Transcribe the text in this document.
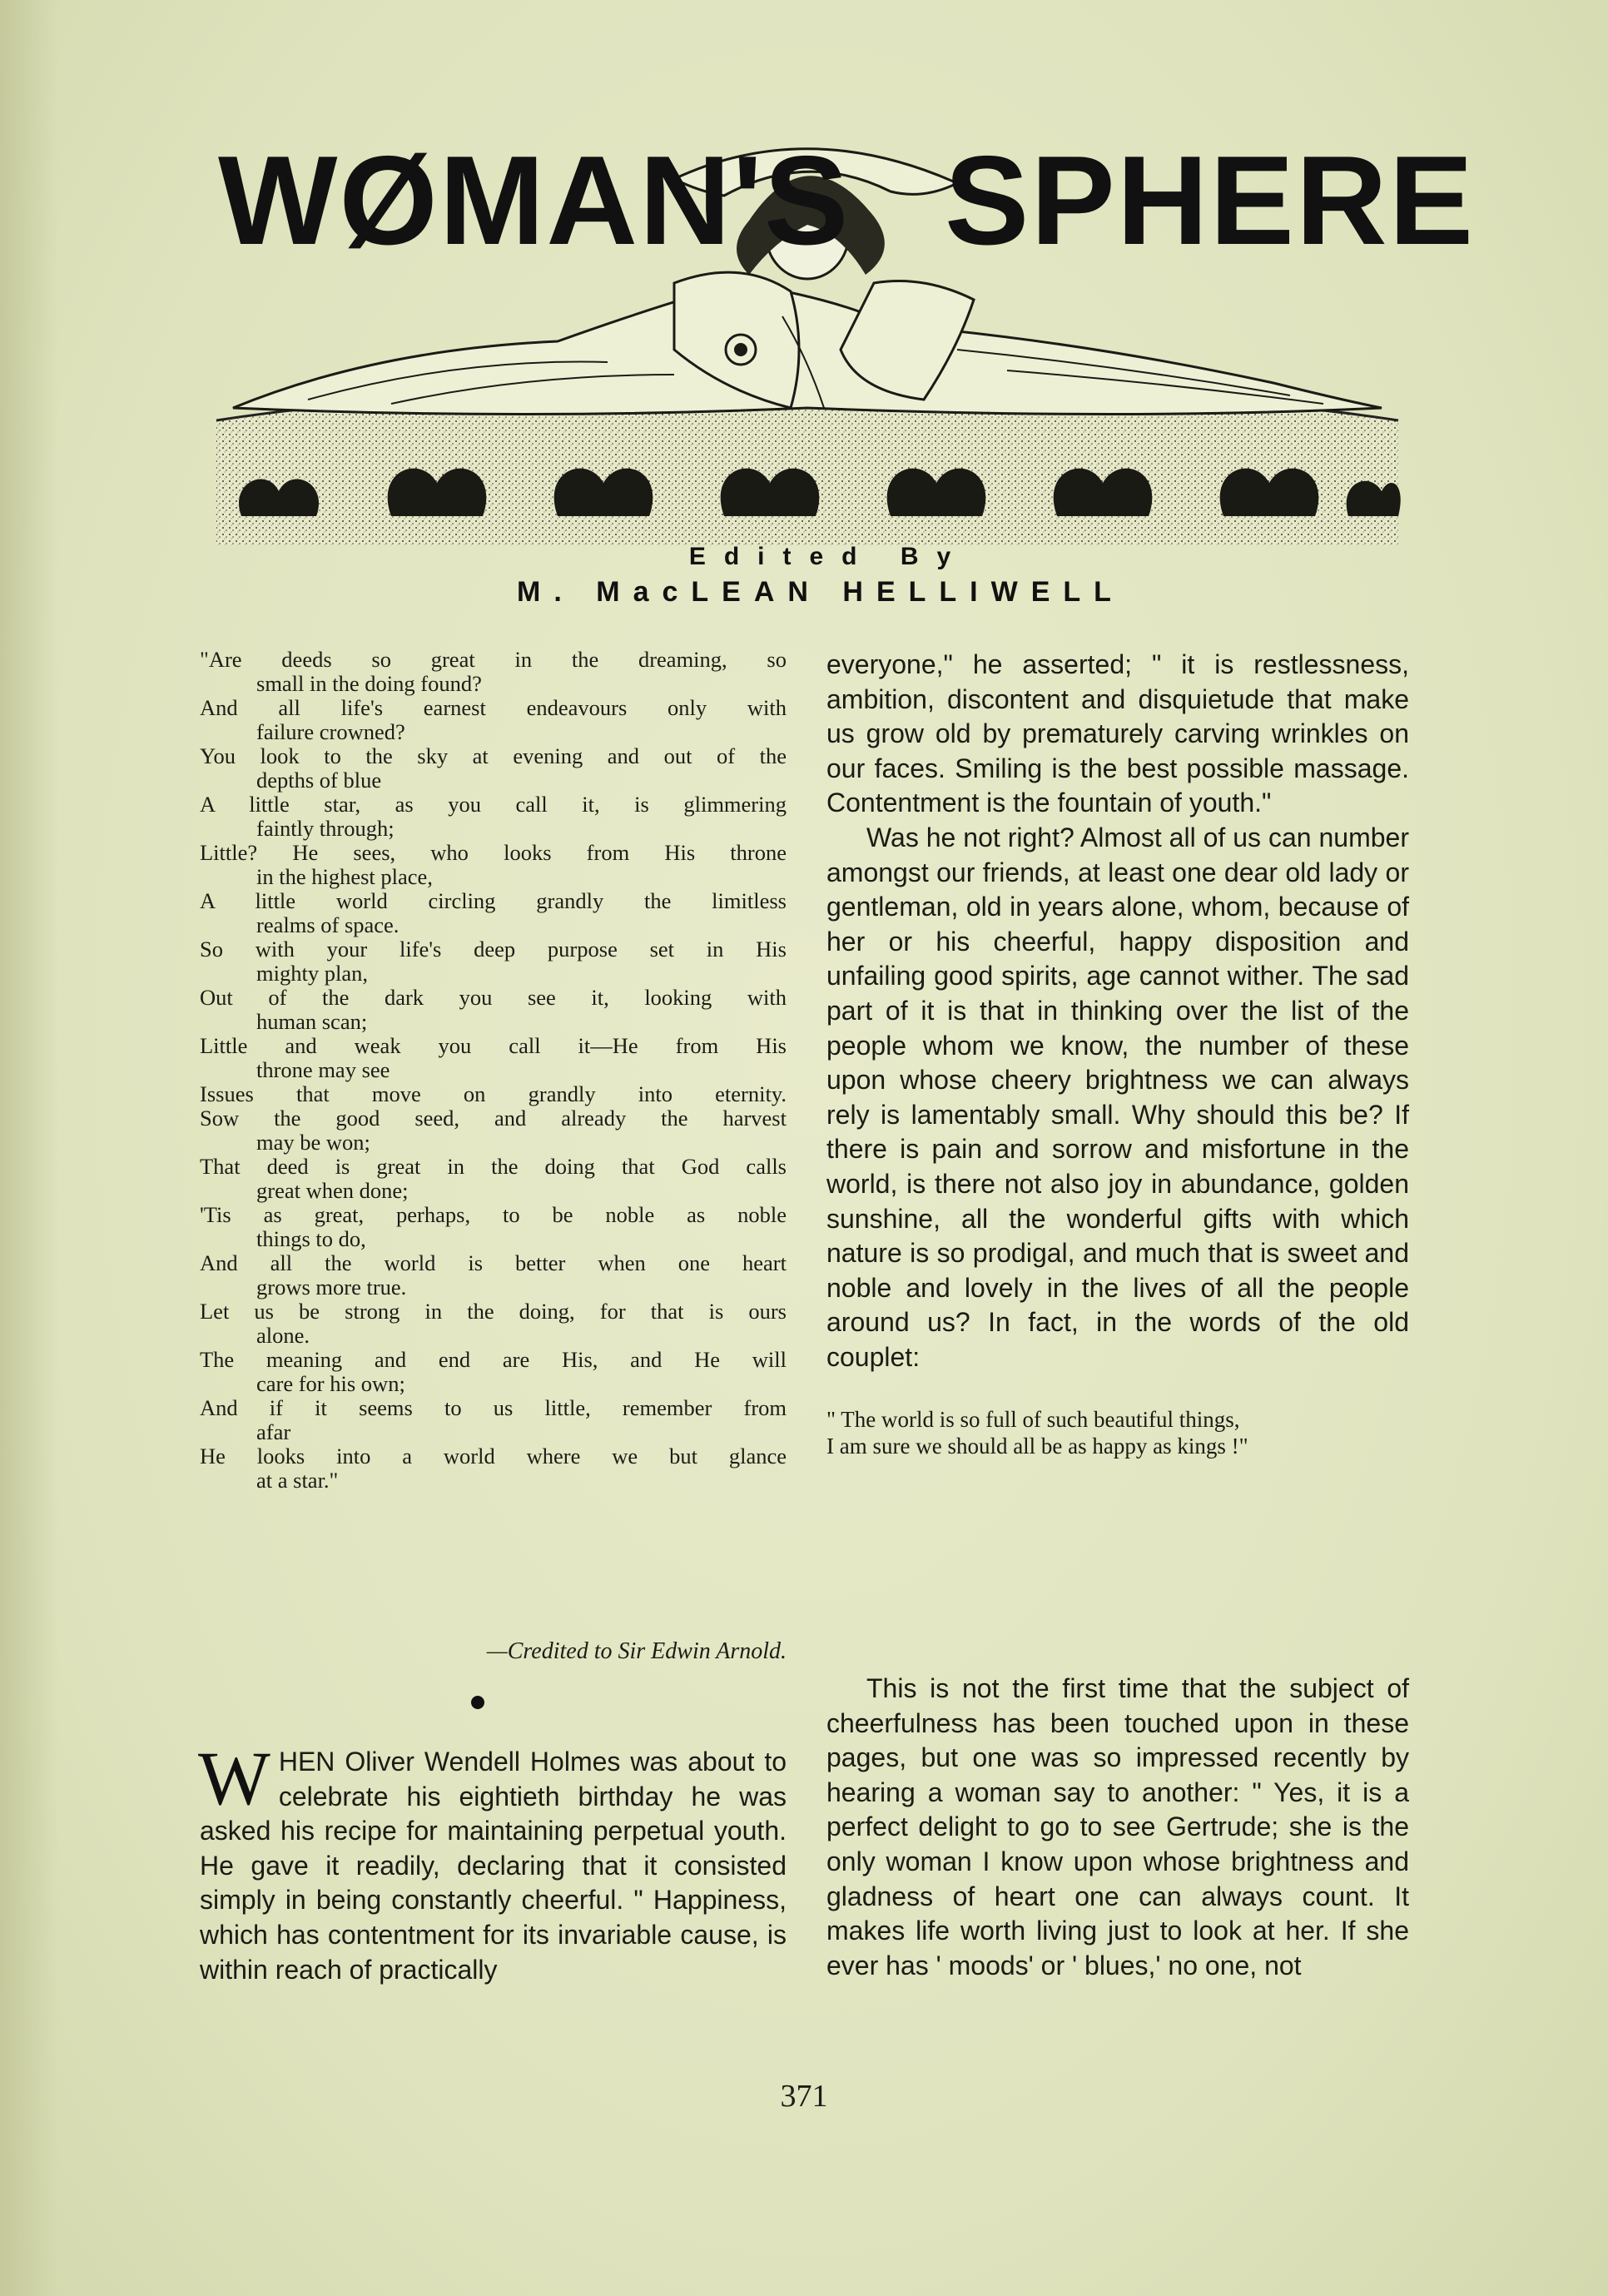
WØMAN'S SPHERE
Edited By
M. MacLEAN HELLIWELL
"Are deeds so great in the dreaming, so
small in the doing found?
And all life's earnest endeavours only with
failure crowned?
You look to the sky at evening and out of the
depths of blue
A little star, as you call it, is glimmering
faintly through;
Little? He sees, who looks from His throne
in the highest place,
A little world circling grandly the limitless
realms of space.
So with your life's deep purpose set in His
mighty plan,
Out of the dark you see it, looking with
human scan;
Little and weak you call it—He from His
throne may see
Issues that move on grandly into eternity.
Sow the good seed, and already the harvest
may be won;
That deed is great in the doing that God calls
great when done;
'Tis as great, perhaps, to be noble as noble
things to do,
And all the world is better when one heart
grows more true.
Let us be strong in the doing, for that is ours
alone.
The meaning and end are His, and He will
care for his own;
And if it seems to us little, remember from
afar
He looks into a world where we but glance
at a star."
—Credited to Sir Edwin Arnold.

WHEN Oliver Wendell Holmes was about to celebrate his eightieth birthday he was asked his recipe for maintaining perpetual youth. He gave it readily, declaring that it consisted simply in being constantly cheerful. " Happiness, which has contentment for its invariable cause, is within reach of practically

everyone," he asserted; " it is restlessness, ambition, discontent and disquietude that make us grow old by prematurely carving wrinkles on our faces. Smiling is the best possible massage. Contentment is the fountain of youth."

Was he not right? Almost all of us can number amongst our friends, at least one dear old lady or gentleman, old in years alone, whom, because of her or his cheerful, happy disposition and unfailing good spirits, age cannot wither. The sad part of it is that in thinking over the list of the people whom we know, the number of these upon whose cheery brightness we can always rely is lamentably small. Why should this be? If there is pain and sorrow and misfortune in the world, is there not also joy in abundance, golden sunshine, all the wonderful gifts with which nature is so prodigal, and much that is sweet and noble and lovely in the lives of all the people around us? In fact, in the words of the old couplet:

" The world is so full of such beautiful things,
I am sure we should all be as happy as kings !"

This is not the first time that the subject of cheerfulness has been touched upon in these pages, but one was so impressed recently by hearing a woman say to another: " Yes, it is a perfect delight to go to see Gertrude; she is the only woman I know upon whose brightness and gladness of heart one can always count. It makes life worth living just to look at her. If she ever has ' moods' or ' blues,' no one, not

371
